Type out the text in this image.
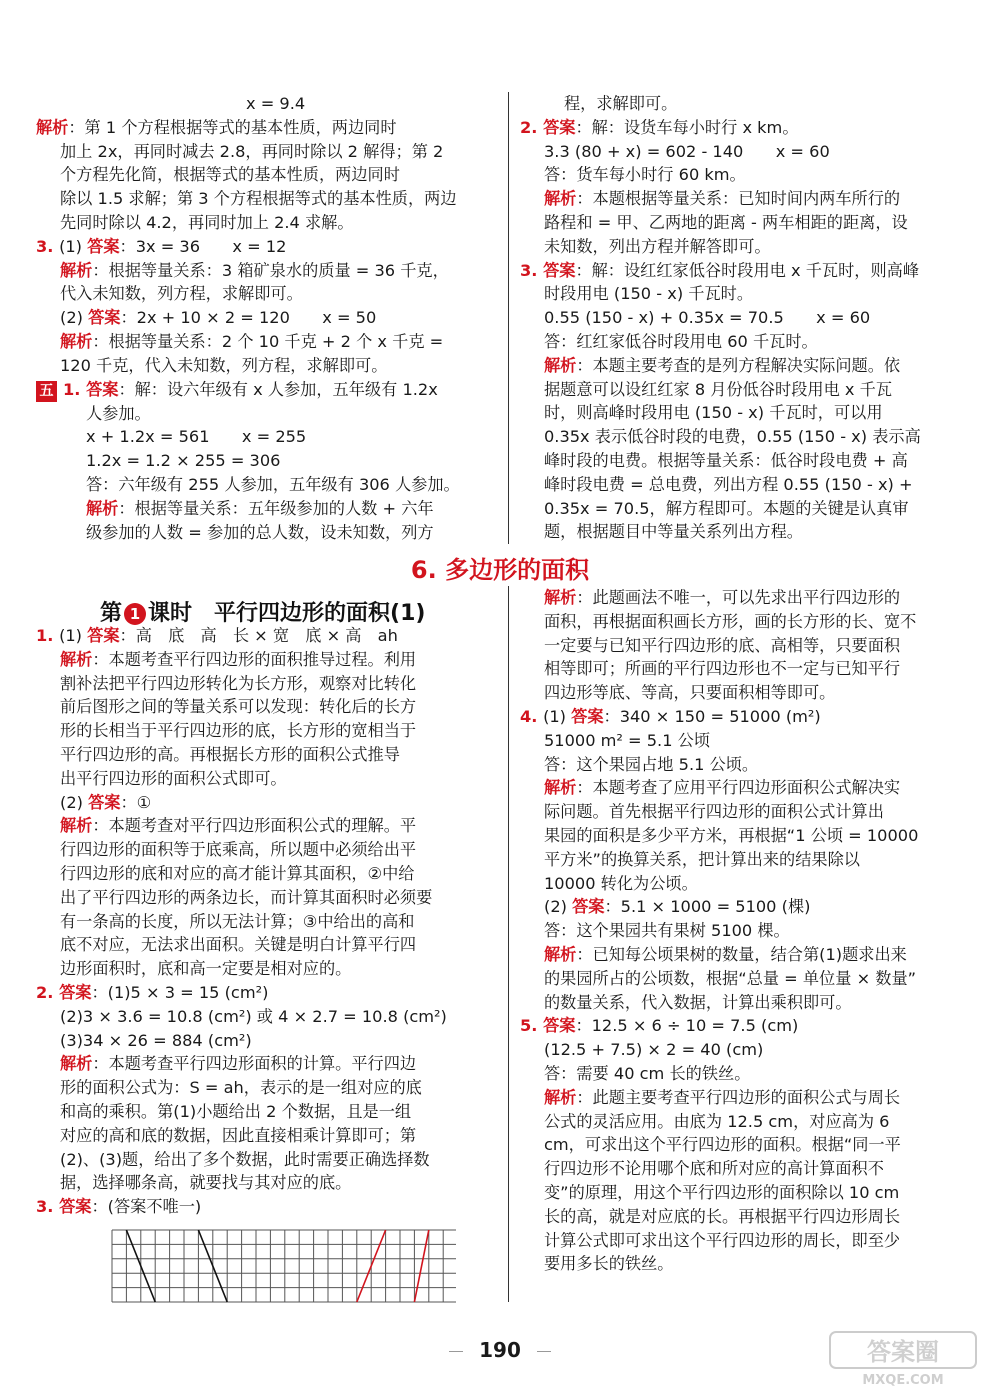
x = 9.4
解析：第 1 个方程根据等式的基本性质，两边同时
加上 2x，再同时减去 2.8，再同时除以 2 解得；第 2
个方程先化简，根据等式的基本性质，两边同时
除以 1.5 求解；第 3 个方程根据等式的基本性质，两边
先同时除以 4.2，再同时加上 2.4 求解。
3. (1) 答案：3x = 36　　x = 12
解析：根据等量关系：3 箱矿泉水的质量 = 36 千克，
代入未知数，列方程，求解即可。
(2) 答案：2x + 10 × 2 = 120　　x = 50
解析：根据等量关系：2 个 10 千克 + 2 个 x 千克 =
120 千克，代入未知数，列方程，求解即可。
五 1. 答案：解：设六年级有 x 人参加，五年级有 1.2x
人参加。
x + 1.2x = 561　　x = 255
1.2x = 1.2 × 255 = 306
答：六年级有 255 人参加，五年级有 306 人参加。
解析：根据等量关系：五年级参加的人数 + 六年
级参加的人数 = 参加的总人数，设未知数，列方
程，求解即可。
2. 答案：解：设货车每小时行 x km。
3.3 (80 + x) = 602 - 140　　x = 60
答：货车每小时行 60 km。
解析：本题根据等量关系：已知时间内两车所行的
路程和 = 甲、乙两地的距离 - 两车相距的距离，设
未知数，列出方程并解答即可。
3. 答案：解：设红红家低谷时段用电 x 千瓦时，则高峰
时段用电 (150 - x) 千瓦时。
0.55 (150 - x) + 0.35x = 70.5　　x = 60
答：红红家低谷时段用电 60 千瓦时。
解析：本题主要考查的是列方程解决实际问题。依
据题意可以设红红家 8 月份低谷时段用电 x 千瓦
时，则高峰时段用电 (150 - x) 千瓦时，可以用
0.35x 表示低谷时段的电费，0.55 (150 - x) 表示高
峰时段的电费。根据等量关系：低谷时段电费 + 高
峰时段电费 = 总电费，列出方程 0.55 (150 - x) +
0.35x = 70.5，解方程即可。本题的关键是认真审
题，根据题目中等量关系列出方程。
6. 多边形的面积
第 1 课时　平行四边形的面积(1)
1. (1) 答案：高　底　高　长 × 宽　底 × 高　ah
解析：本题考查平行四边形的面积推导过程。利用
割补法把平行四边形转化为长方形，观察对比转化
前后图形之间的等量关系可以发现：转化后的长方
形的长相当于平行四边形的底，长方形的宽相当于
平行四边形的高。再根据长方形的面积公式推导
出平行四边形的面积公式即可。
(2) 答案：①
解析：本题考查对平行四边形面积公式的理解。平
行四边形的面积等于底乘高，所以题中必须给出平
行四边形的底和对应的高才能计算其面积，②中给
出了平行四边形的两条边长，而计算其面积时必须要
有一条高的长度，所以无法计算；③中给出的高和
底不对应，无法求出面积。关键是明白计算平行四
边形面积时，底和高一定要是相对应的。
2. 答案：(1)5 × 3 = 15 (cm²)
(2)3 × 3.6 = 10.8 (cm²) 或 4 × 2.7 = 10.8 (cm²)
(3)34 × 26 = 884 (cm²)
解析：本题考查平行四边形面积的计算。平行四边
形的面积公式为：S = ah，表示的是一组对应的底
和高的乘积。第(1)小题给出 2 个数据，且是一组
对应的高和底的数据，因此直接相乘计算即可；第
(2)、(3)题，给出了多个数据，此时需要正确选择数
据，选择哪条高，就要找与其对应的底。
3. 答案：(答案不唯一)
解析：此题画法不唯一，可以先求出平行四边形的
面积，再根据面积画长方形，画的长方形的长、宽不
一定要与已知平行四边形的底、高相等，只要面积
相等即可；所画的平行四边形也不一定与已知平行
四边形等底、等高，只要面积相等即可。
4. (1) 答案：340 × 150 = 51000 (m²)
51000 m² = 5.1 公顷
答：这个果园占地 5.1 公顷。
解析：本题考查了应用平行四边形面积公式解决实
际问题。首先根据平行四边形的面积公式计算出
果园的面积是多少平方米，再根据“1 公顷 = 10000
平方米”的换算关系，把计算出来的结果除以
10000 转化为公顷。
(2) 答案：5.1 × 1000 = 5100 (棵)
答：这个果园共有果树 5100 棵。
解析：已知每公顷果树的数量，结合第(1)题求出来
的果园所占的公顷数，根据“总量 = 单位量 × 数量”
的数量关系，代入数据，计算出乘积即可。
5. 答案：12.5 × 6 ÷ 10 = 7.5 (cm)
(12.5 + 7.5) × 2 = 40 (cm)
答：需要 40 cm 长的铁丝。
解析：此题主要考查平行四边形的面积公式与周长
公式的灵活应用。由底为 12.5 cm，对应高为 6
cm，可求出这个平行四边形的面积。根据“同一平
行四边形不论用哪个底和所对应的高计算面积不
变”的原理，用这个平行四边形的面积除以 10 cm
长的高，就是对应底的长。再根据平行四边形周长
计算公式即可求出这个平行四边形的周长，即至少
要用多长的铁丝。
190	答案圈
MXQE.COM
